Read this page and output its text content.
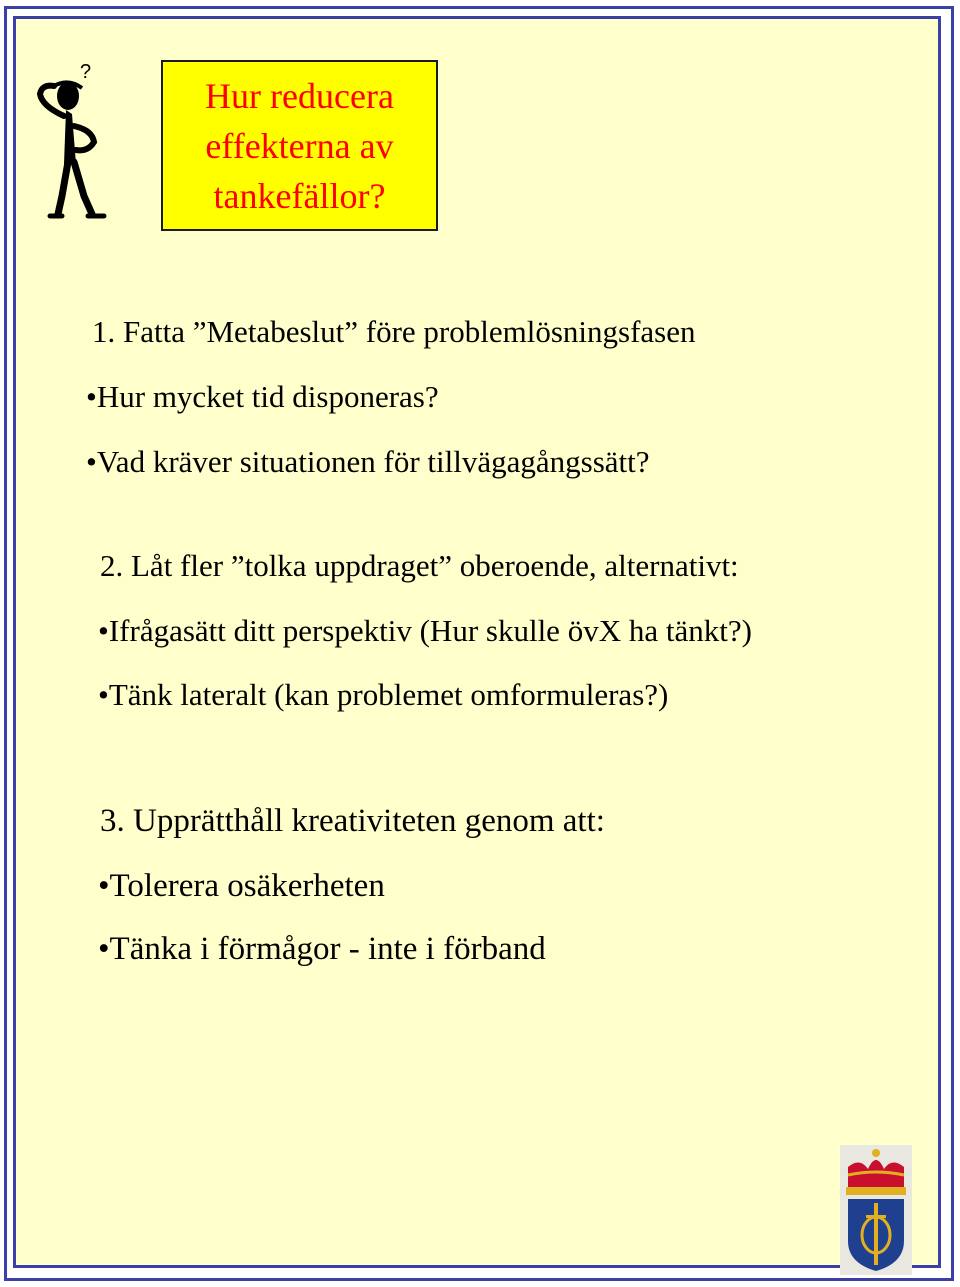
?
Hur reducera
effekterna av
tankefällor?
1. Fatta ”Metabeslut” före problemlösningsfasen
•Hur mycket tid disponeras?
•Vad kräver situationen för tillvägagångssätt?
2. Låt fler ”tolka uppdraget” oberoende, alternativt:
•Ifrågasätt ditt perspektiv (Hur skulle övX ha tänkt?)
•Tänk lateralt (kan problemet omformuleras?)
3. Upprätthåll kreativiteten genom att:
•Tolerera osäkerheten
•Tänka i förmågor - inte i förband
